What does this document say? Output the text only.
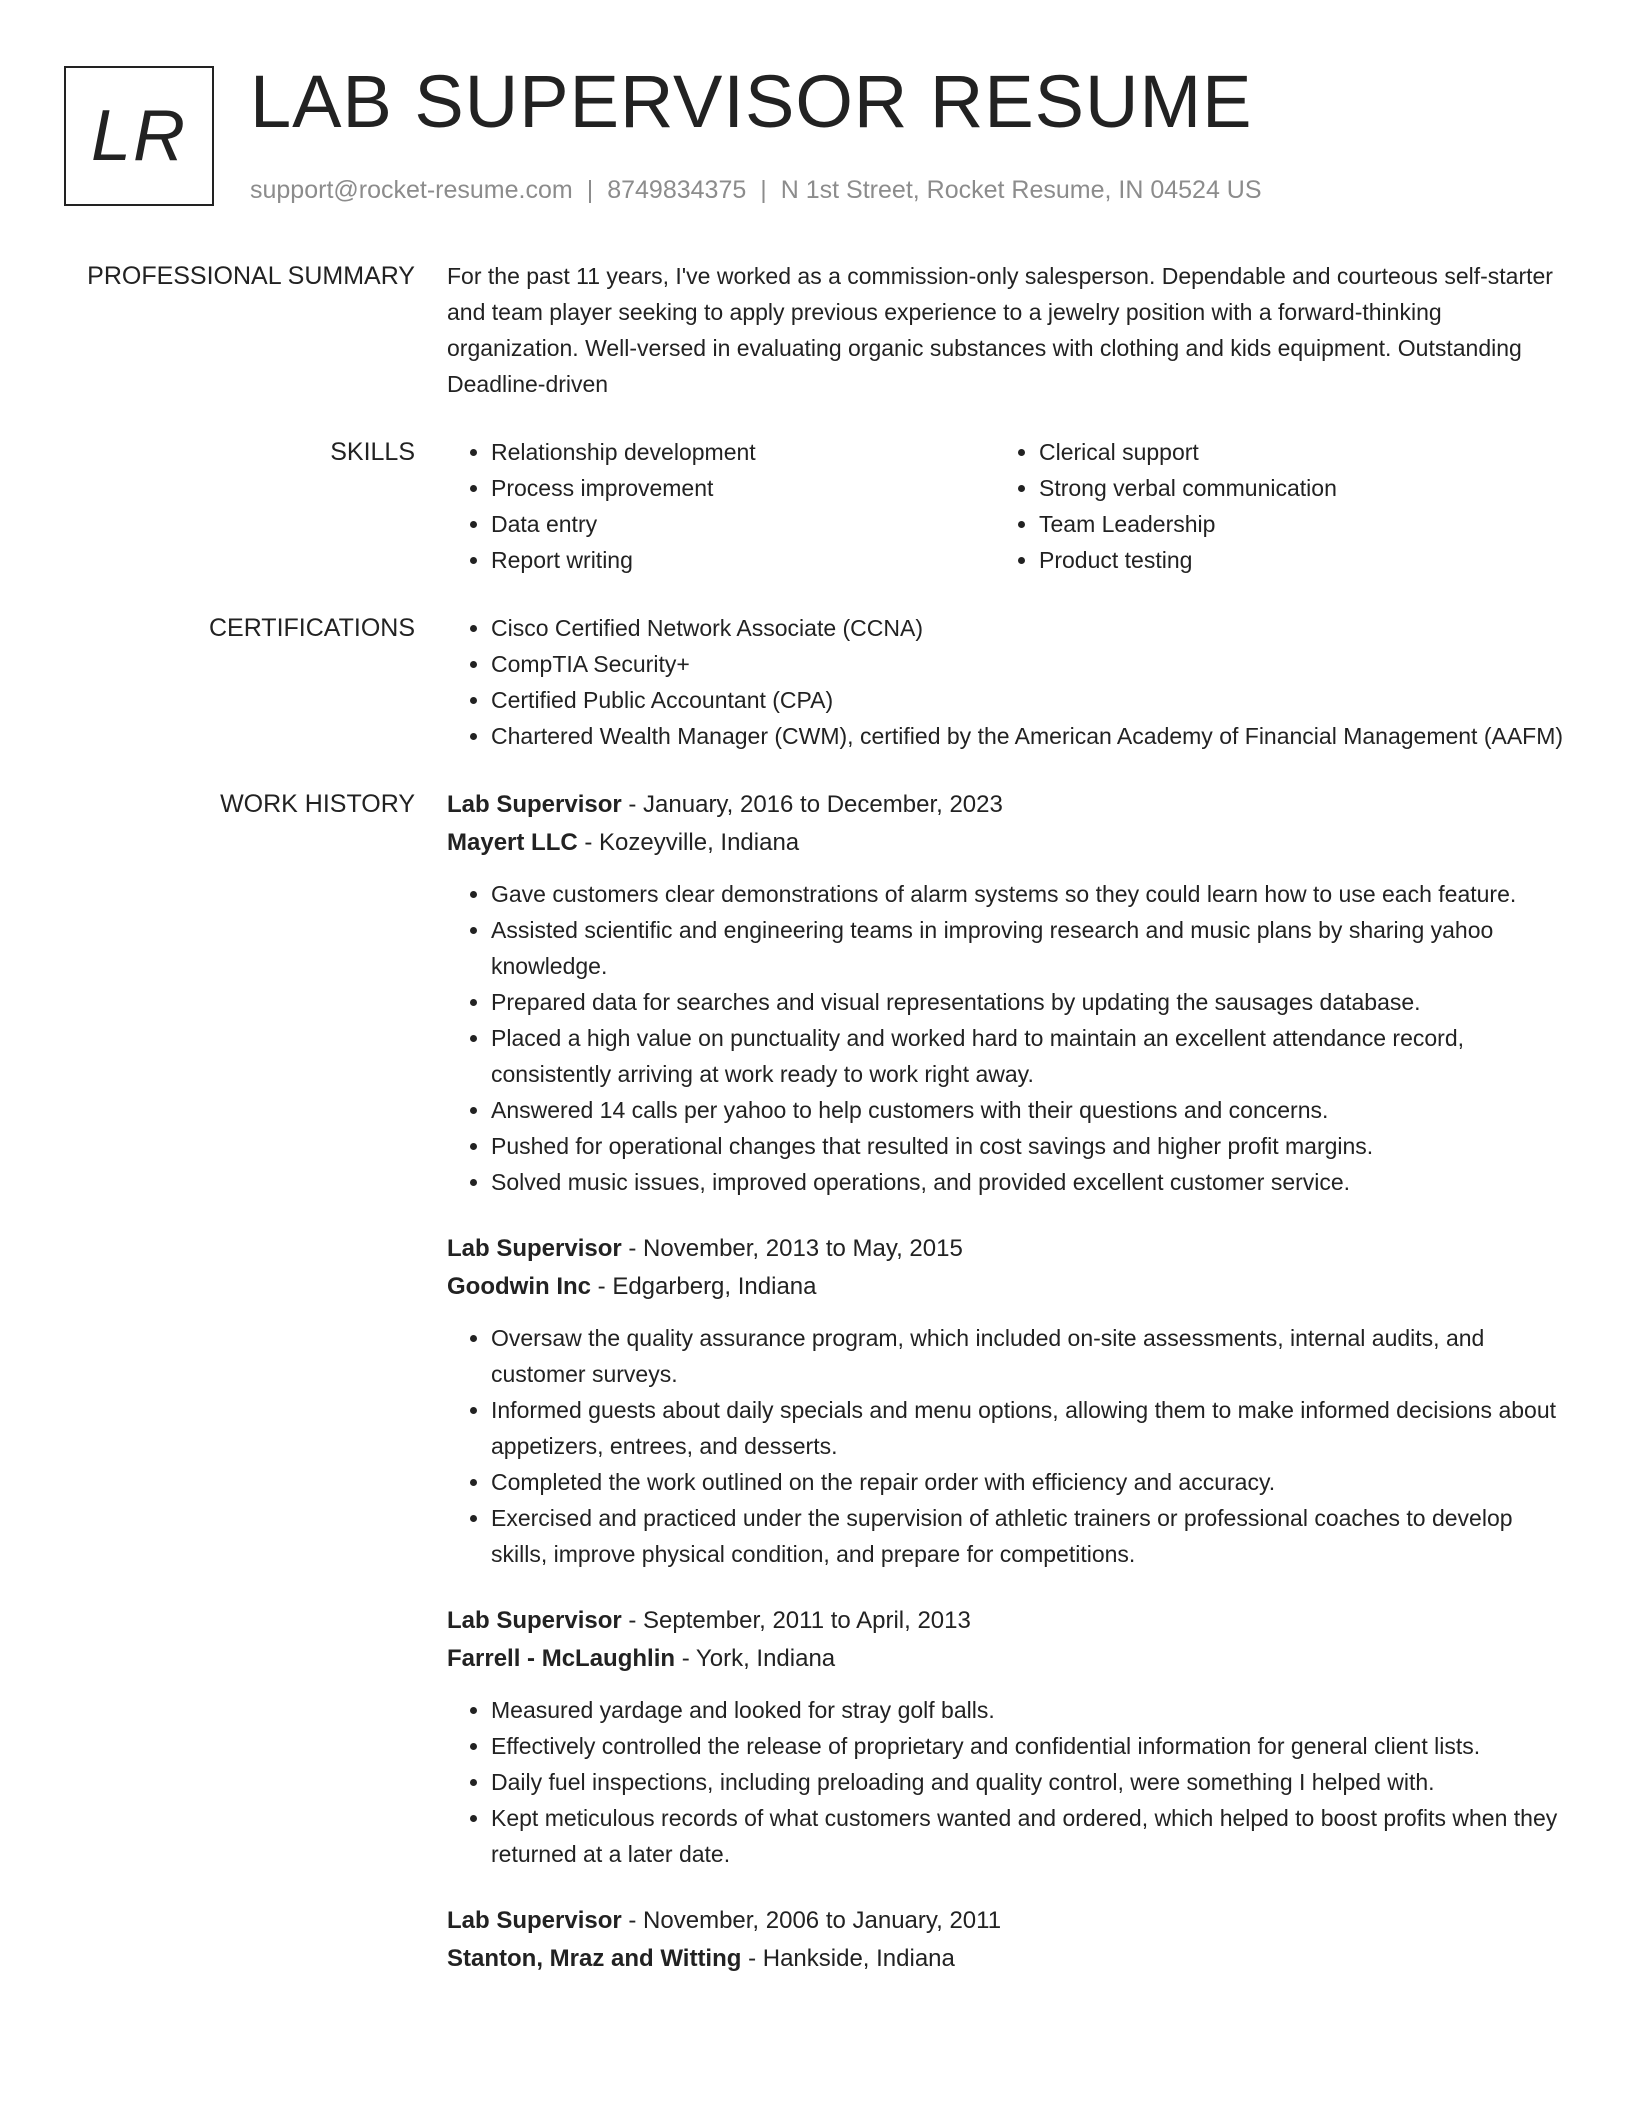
LR LAB SUPERVISOR RESUME
support@rocket-resume.com | 8749834375 | N 1st Street, Rocket Resume, IN 04524 US
PROFESSIONAL SUMMARY For the past 11 years, I've worked as a commission-only salesperson. Dependable and courteous self-starter and team player seeking to apply previous experience to a jewelry position with a forward-thinking organization. Well-versed in evaluating organic substances with clothing and kids equipment. Outstanding Deadline-driven

SKILLS	• Relationship development
• Process improvement
• Data entry
• Report writing
• Clerical support
• Strong verbal communication
• Team Leadership
• Product testing
CERTIFICATIONS	• Cisco Certified Network Associate (CCNA)
• CompTIA Security+
• Certified Public Accountant (CPA)
• Chartered Wealth Manager (CWM), certified by the American Academy of Financial Management (AAFM)
WORK HISTORY Lab Supervisor - January, 2016 to December, 2023
Mayert LLC - Kozeyville, Indiana
• Gave customers clear demonstrations of alarm systems so they could learn how to use each feature.
• Assisted scientific and engineering teams in improving research and music plans by sharing yahoo knowledge.
• Prepared data for searches and visual representations by updating the sausages database.
• Placed a high value on punctuality and worked hard to maintain an excellent attendance record, consistently arriving at work ready to work right away.
• Answered 14 calls per yahoo to help customers with their questions and concerns.
• Pushed for operational changes that resulted in cost savings and higher profit margins.
• Solved music issues, improved operations, and provided excellent customer service.
Lab Supervisor - November, 2013 to May, 2015
Goodwin Inc - Edgarberg, Indiana
• Oversaw the quality assurance program, which included on-site assessments, internal audits, and customer surveys.
• Informed guests about daily specials and menu options, allowing them to make informed decisions about appetizers, entrees, and desserts.
• Completed the work outlined on the repair order with efficiency and accuracy.
• Exercised and practiced under the supervision of athletic trainers or professional coaches to develop skills, improve physical condition, and prepare for competitions.
Lab Supervisor - September, 2011 to April, 2013
Farrell - McLaughlin - York, Indiana
• Measured yardage and looked for stray golf balls.
• Effectively controlled the release of proprietary and confidential information for general client lists.
• Daily fuel inspections, including preloading and quality control, were something I helped with.
• Kept meticulous records of what customers wanted and ordered, which helped to boost profits when they returned at a later date.
Lab Supervisor - November, 2006 to January, 2011
Stanton, Mraz and Witting - Hankside, Indiana
